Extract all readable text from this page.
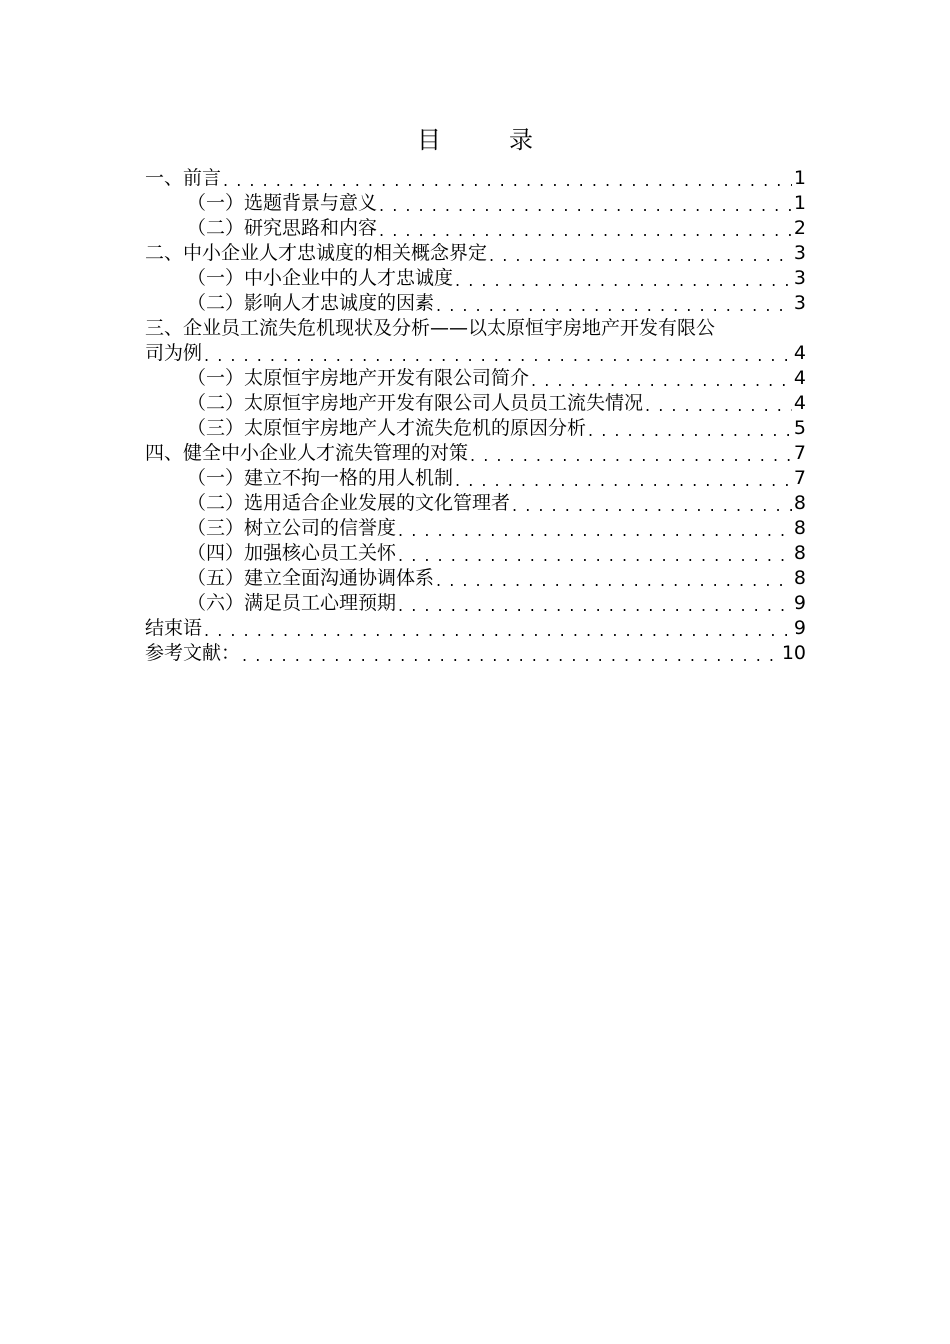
目　录
一、前言 . . .	1
（一）选题背景与意义 . . .	1
（二）研究思路和内容 . . .	2
二、中小企业人才忠诚度的相关概念界定 . . .	3
（一）中小企业中的人才忠诚度 . . .	3
（二）影响人才忠诚度的因素 . . .	3
三、企业员工流失危机现状及分析——以太原恒宇房地产开发有限公
司为例 . . .	4
（一）太原恒宇房地产开发有限公司简介 . . .	4
（二）太原恒宇房地产开发有限公司人员员工流失情况 . . .	4
（三）太原恒宇房地产人才流失危机的原因分析 . . .	5
四、健全中小企业人才流失管理的对策 . . .	7
（一）建立不拘一格的用人机制 . . .	7
（二）选用适合企业发展的文化管理者 . . .	8
（三）树立公司的信誉度 . . .	8
（四）加强核心员工关怀 . . .	8
（五）建立全面沟通协调体系 . . .	8
（六）满足员工心理预期 . . .	9
结束语 . . .	9
参考文献： . . .	10
